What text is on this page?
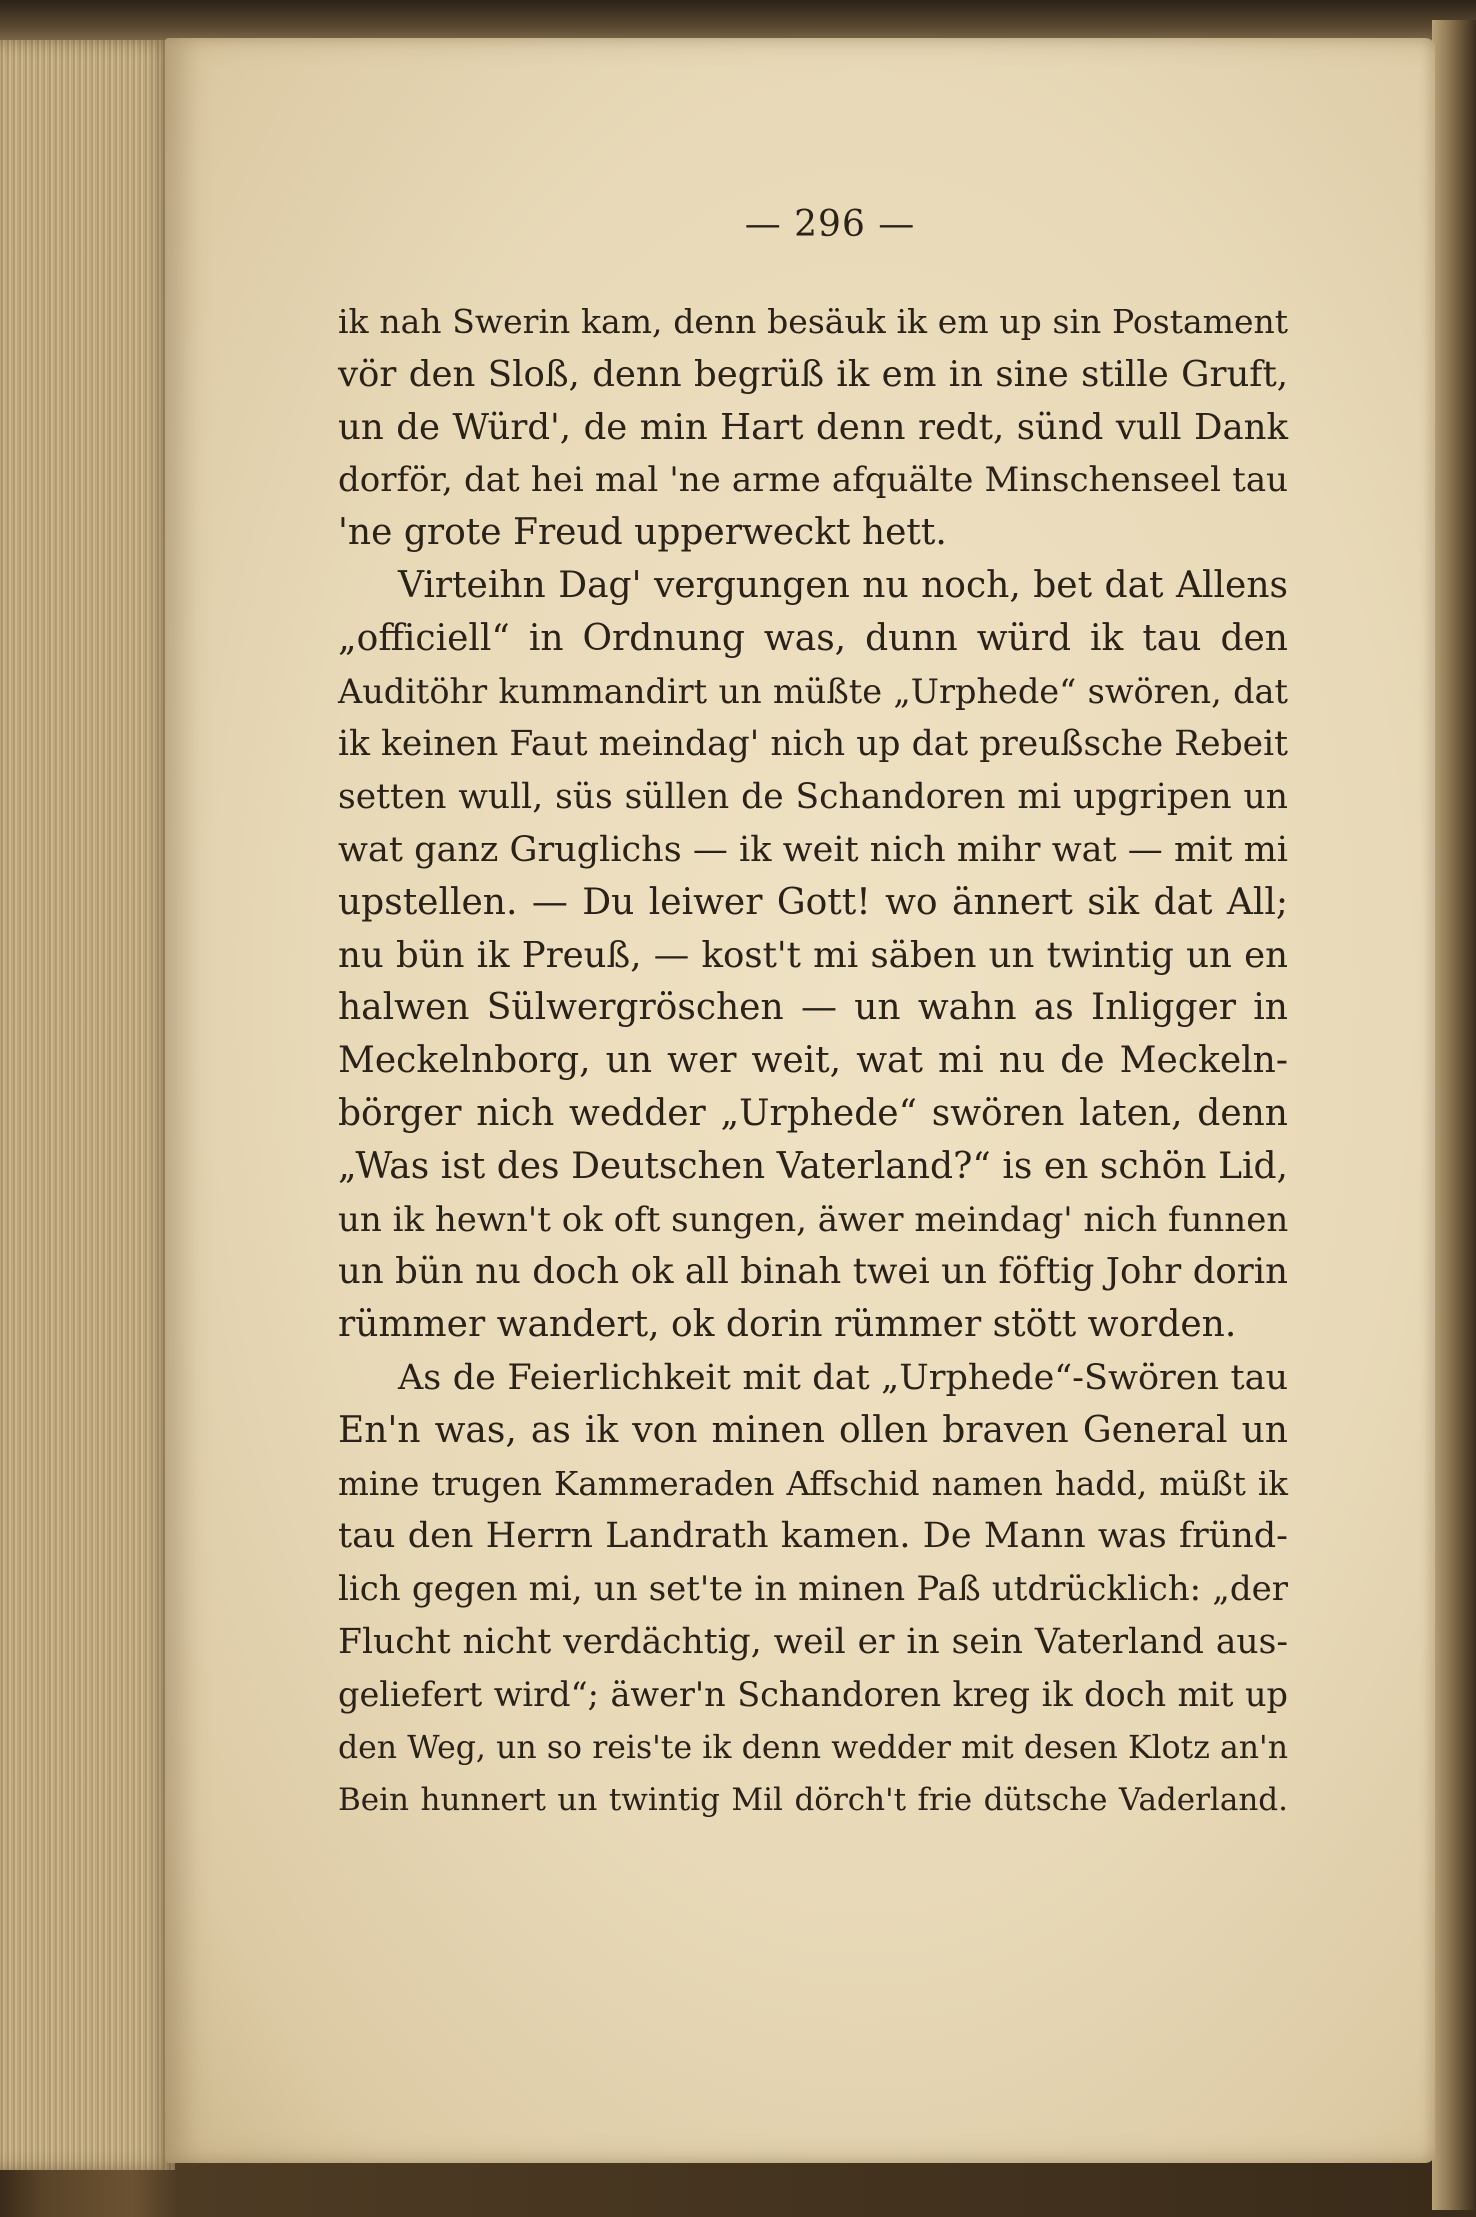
— 296 —
ik nah Swerin kam, denn besäuk ik em up sin Postament
vör den Sloß, denn begrüß ik em in sine stille Gruft,
un de Würd', de min Hart denn redt, sünd vull Dank
dorför, dat hei mal 'ne arme afquälte Minschenseel tau
'ne grote Freud upperweckt hett.
Virteihn Dag' vergungen nu noch, bet dat Allens
„officiell“ in Ordnung was, dunn würd ik tau den
Auditöhr kummandirt un müßte „Urphede“ swören, dat
ik keinen Faut meindag' nich up dat preußsche Rebeit
setten wull, süs süllen de Schandoren mi upgripen un
wat ganz Gruglichs — ik weit nich mihr wat — mit mi
upstellen. — Du leiwer Gott! wo ännert sik dat All;
nu bün ik Preuß, — kost't mi säben un twintig un en
halwen Sülwergröschen — un wahn as Inligger in
Meckelnborg, un wer weit, wat mi nu de Meckeln-
börger nich wedder „Urphede“ swören laten, denn
„Was ist des Deutschen Vaterland?“ is en schön Lid,
un ik hewn't ok oft sungen, äwer meindag' nich funnen
un bün nu doch ok all binah twei un föftig Johr dorin
rümmer wandert, ok dorin rümmer stött worden.
As de Feierlichkeit mit dat „Urphede“-Swören tau
En'n was, as ik von minen ollen braven General un
mine trugen Kammeraden Affschid namen hadd, müßt ik
tau den Herrn Landrath kamen. De Mann was fründ-
lich gegen mi, un set'te in minen Paß utdrücklich: „der
Flucht nicht verdächtig, weil er in sein Vaterland aus-
geliefert wird“; äwer'n Schandoren kreg ik doch mit up
den Weg, un so reis'te ik denn wedder mit desen Klotz an'n
Bein hunnert un twintig Mil dörch't frie dütsche Vaderland.
